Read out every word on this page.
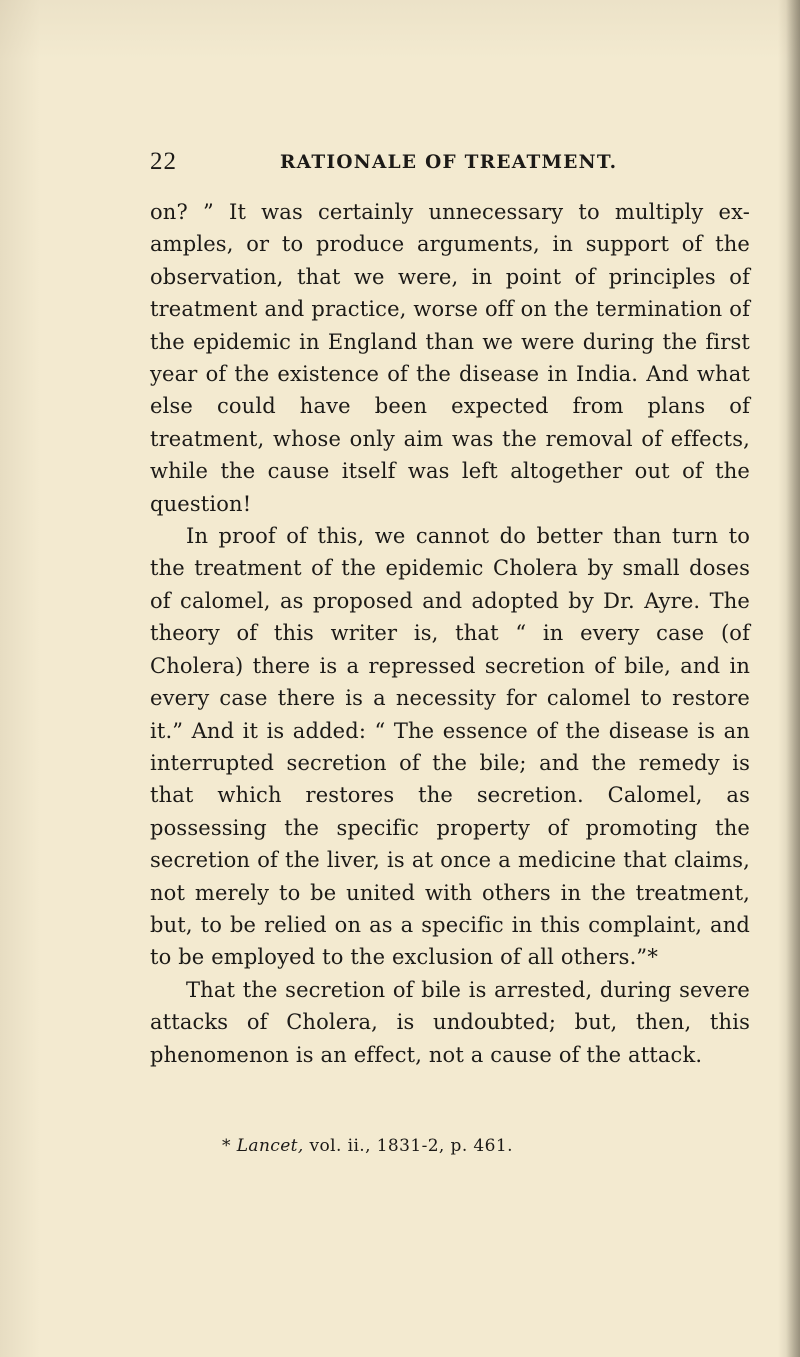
22	RATIONALE OF TREATMENT.

on? ” It was certainly unnecessary to multiply ex-amples, or to produce arguments, in support of the observation, that we were, in point of principles of treatment and practice, worse off on the termination of the epidemic in England than we were during the first year of the existence of the disease in India. And what else could have been expected from plans of treatment, whose only aim was the removal of effects, while the cause itself was left altogether out of the question!

In proof of this, we cannot do better than turn to the treatment of the epidemic Cholera by small doses of calomel, as proposed and adopted by Dr. Ayre. The theory of this writer is, that “ in every case (of Cholera) there is a repressed secretion of bile, and in every case there is a necessity for calomel to restore it.” And it is added: “ The essence of the disease is an interrupted secretion of the bile; and the remedy is that which restores the secretion. Calomel, as possessing the specific property of promoting the secretion of the liver, is at once a medicine that claims, not merely to be united with others in the treatment, but, to be relied on as a specific in this complaint, and to be employed to the exclusion of all others.”*

That the secretion of bile is arrested, during severe attacks of Cholera, is undoubted; but, then, this phenomenon is an effect, not a cause of the attack.

* Lancet, vol. ii., 1831-2, p. 461.
